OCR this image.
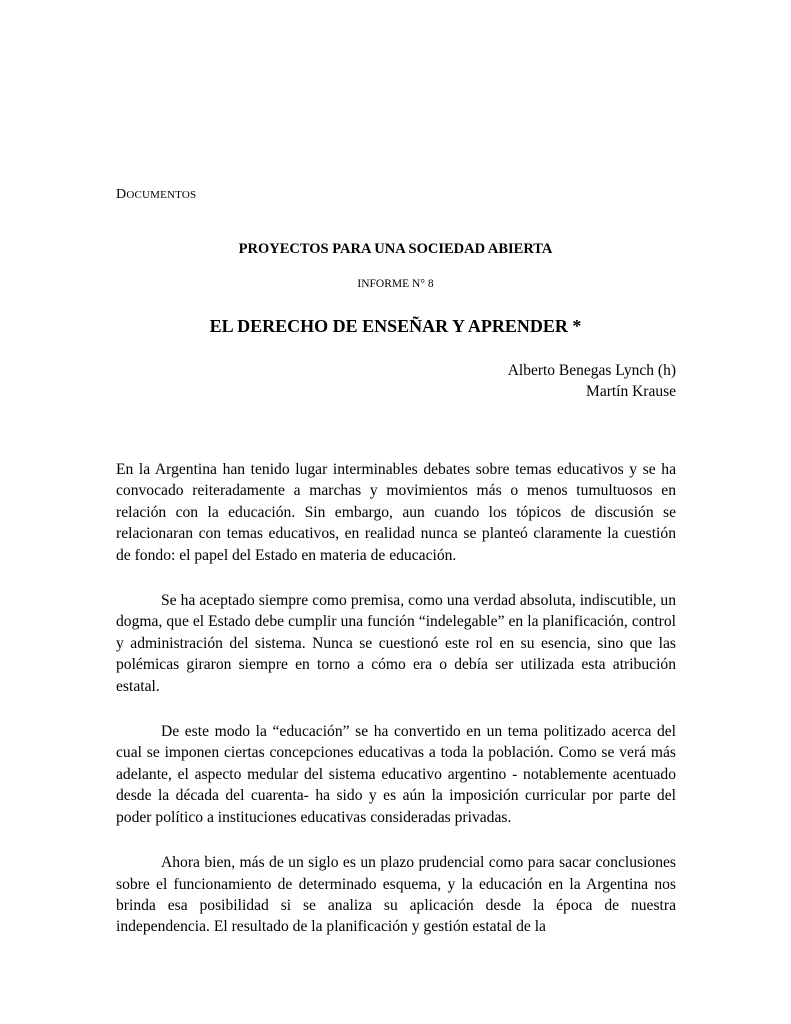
DOCUMENTOS

PROYECTOS PARA UNA SOCIEDAD ABIERTA
INFORME N° 8
EL DERECHO DE ENSEÑAR Y APRENDER *
Alberto Benegas Lynch (h)
Martín Krause

En la Argentina han tenido lugar interminables debates sobre temas educativos y se ha convocado reiteradamente a marchas y movimientos más o menos tumultuosos en relación con la educación. Sin embargo, aun cuando los tópicos de discusión se relacionaran con temas educativos, en realidad nunca se planteó claramente la cuestión de fondo: el papel del Estado en materia de educación.

Se ha aceptado siempre como premisa, como una verdad absoluta, indiscutible, un dogma, que el Estado debe cumplir una función “indelegable” en la planificación, control y administración del sistema. Nunca se cuestionó este rol en su esencia, sino que las polémicas giraron siempre en torno a cómo era o debía ser utilizada esta atribución estatal.

De este modo la “educación” se ha convertido en un tema politizado acerca del cual se imponen ciertas concepciones educativas a toda la población. Como se verá más adelante, el aspecto medular del sistema educativo argentino - notablemente acentuado desde la década del cuarenta- ha sido y es aún la imposición curricular por parte del poder político a instituciones educativas consideradas privadas.

Ahora bien, más de un siglo es un plazo prudencial como para sacar conclusiones sobre el funcionamiento de determinado esquema, y la educación en la Argentina nos brinda esa posibilidad si se analiza su aplicación desde la época de nuestra independencia. El resultado de la planificación y gestión estatal de la
